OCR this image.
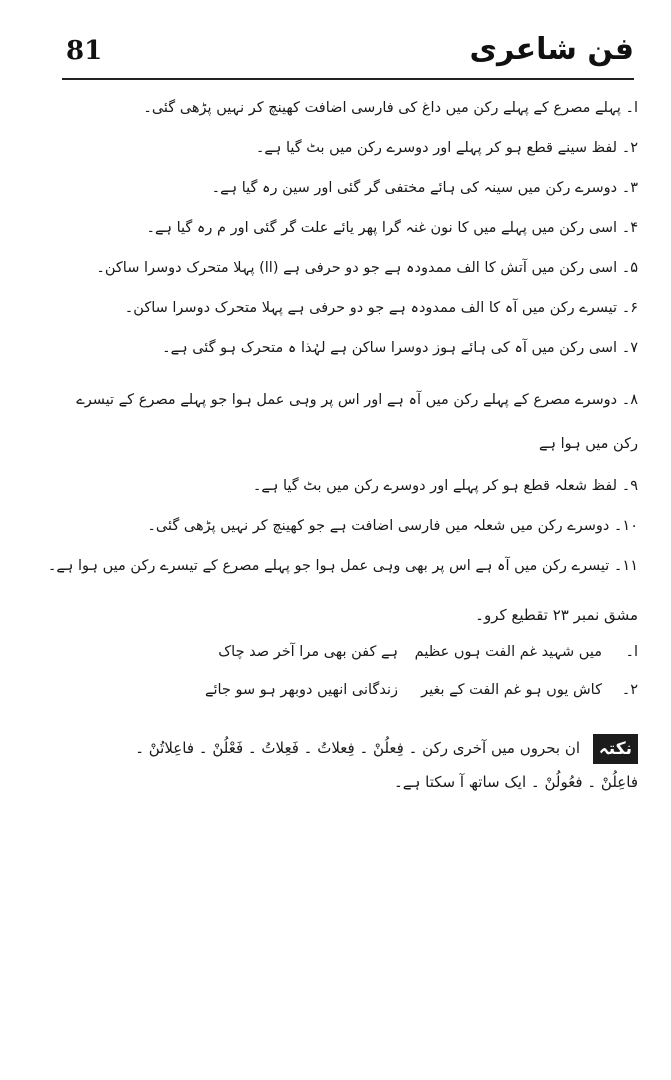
81	فن شاعری
ا۔ پہلے مصرع کے پہلے رکن میں داغ کی فارسی اضافت کھینچ کر نہیں پڑھی گئی۔
۲۔ لفظ سینے قطع ہو کر پہلے اور دوسرے رکن میں بٹ گیا ہے۔
۳۔ دوسرے رکن میں سینہ کی ہائے مختفی گر گئی اور سین رہ گیا ہے۔
۴۔ اسی رکن میں پہلے میں کا نون غنہ گرا پھر یائے علت گر گئی اور م رہ گیا ہے۔
۵۔ اسی رکن میں آتش کا الف ممدودہ ہے جو دو حرفی ہے (اا) پہلا متحرک دوسرا ساکن۔
۶۔ تیسرے رکن میں آہ کا الف ممدودہ ہے جو دو حرفی ہے پہلا متحرک دوسرا ساکن۔
۷۔ اسی رکن میں آہ کی ہائے ہوز دوسرا ساکن ہے لہٰذا ہ متحرک ہو گئی ہے۔
۸۔ دوسرے مصرع کے پہلے رکن میں آہ ہے اور اس پر وہی عمل ہوا جو پہلے مصرع کے تیسرے رکن میں ہوا ہے
۹۔ لفظ شعلہ قطع ہو کر پہلے اور دوسرے رکن میں بٹ گیا ہے۔
۱۰۔ دوسرے رکن میں شعلہ میں فارسی اضافت ہے جو کھینچ کر نہیں پڑھی گئی۔
۱۱۔ تیسرے رکن میں آہ ہے اس پر بھی وہی عمل ہوا جو پہلے مصرع کے تیسرے رکن میں ہوا ہے۔
مشق نمبر ۲۳ تقطیع کرو۔
ا۔
میں شہید غم الفت ہوں عظیم
ہے کفن بھی مرا آخر صد چاک
۲۔
کاش یوں ہو غم الفت کے بغیر
زندگانی انھیں دوبھر ہو سو جائے
نکتہ ان بحروں میں آخری رکن ۔ فِعلُنْ ۔ فِعلاتُ ۔ فَعِلاتُ ۔ فَعْلُنْ ۔ فاعِلاتُنْ ۔
فاعِلُنْ ۔ فعُولُنْ ۔ ایک ساتھ آ سکتا ہے۔
